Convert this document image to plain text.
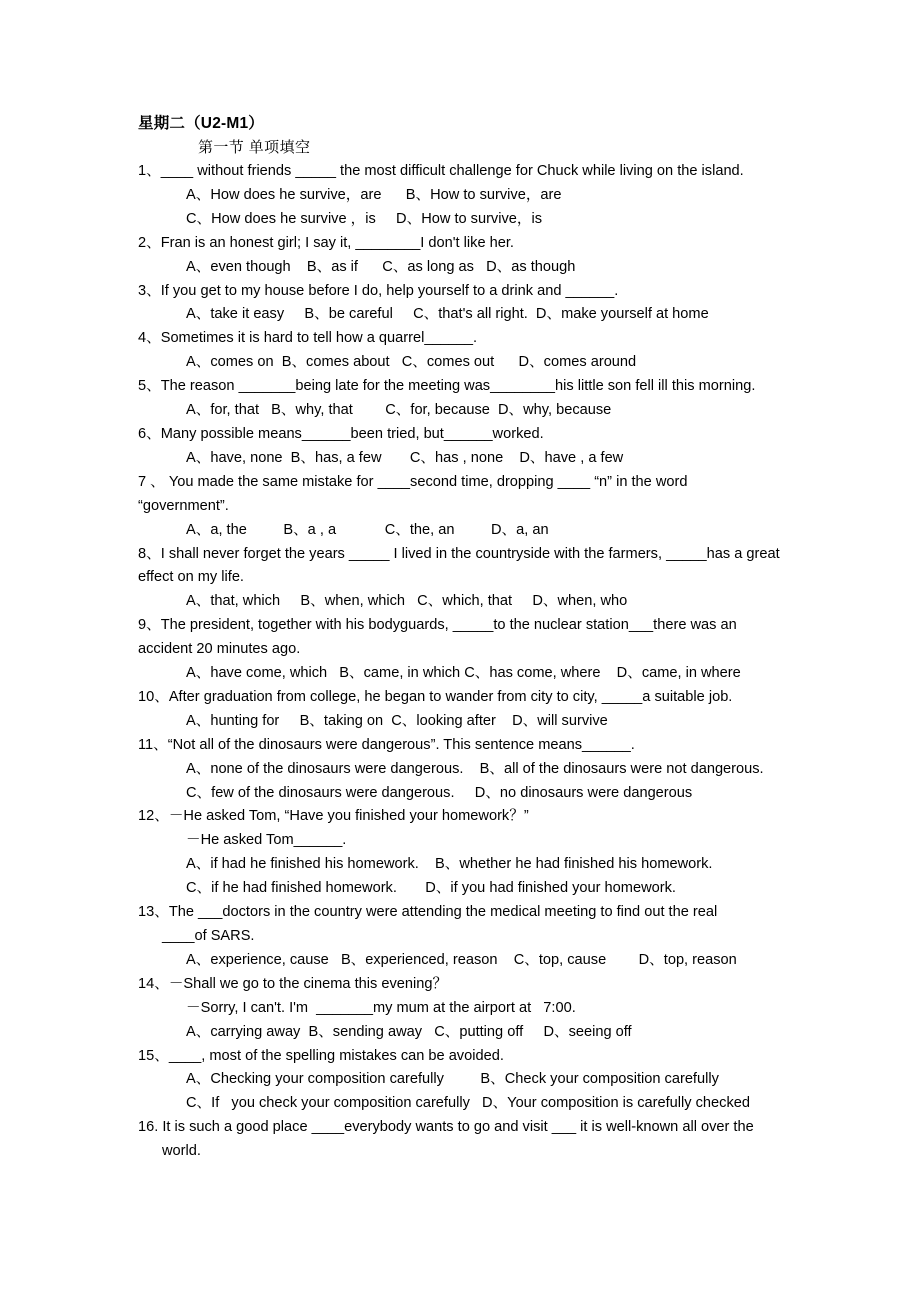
星期二（U2-M1）
第一节 单项填空
1、____ without friends _____ the most difficult challenge for Chuck while living on the island.
A、How does he survive，are      B、How to survive，are
C、How does he survive ，is     D、How to survive，is
2、Fran is an honest girl; I say it, ________I don't like her.
A、even though    B、as if      C、as long as   D、as though
3、If you get to my house before I do, help yourself to a drink and ______.
A、take it easy     B、be careful     C、that's all right.  D、make yourself at home
4、Sometimes it is hard to tell how a quarrel______.
A、comes on  B、comes about   C、comes out      D、comes around
5、The reason _______being late for the meeting was________his little son fell ill this morning.
A、for, that   B、why, that        C、for, because  D、why, because
6、Many possible means______been tried, but______worked.
A、have, none  B、has, a few       C、has , none    D、have , a few
7 、 You made the same mistake for ____second time, dropping ____ “n” in the word
“government”.
A、a, the         B、a , a            C、the, an         D、a, an
8、I shall never forget the years _____ I lived in the countryside with the farmers, _____has a great
effect on my life.
A、that, which     B、when, which   C、which, that     D、when, who
9、The president, together with his bodyguards, _____to the nuclear station___there was an
accident 20 minutes ago.
A、have come, which   B、came, in which C、has come, where    D、came, in where
10、After graduation from college, he began to wander from city to city, _____a suitable job.
A、hunting for     B、taking on  C、looking after    D、will survive
11、“Not all of the dinosaurs were dangerous”. This sentence means______.
A、none of the dinosaurs were dangerous.    B、all of the dinosaurs were not dangerous.
C、few of the dinosaurs were dangerous.     D、no dinosaurs were dangerous
12、－He asked Tom, “Have you finished your homework？”
－He asked Tom______.
A、if had he finished his homework.    B、whether he had finished his homework.
C、if he had finished homework.       D、if you had finished your homework.
13、The ___doctors in the country were attending the medical meeting to find out the real
____of SARS.
A、experience, cause   B、experienced, reason    C、top, cause        D、top, reason
14、－Shall we go to the cinema this evening？
－Sorry, I can't. I'm  _______my mum at the airport at   7:00.
A、carrying away  B、sending away   C、putting off     D、seeing off
15、____, most of the spelling mistakes can be avoided.
A、Checking your composition carefully         B、Check your composition carefully
C、If   you check your composition carefully   D、Your composition is carefully checked
16. It is such a good place ____everybody wants to go and visit ___ it is well-known all over the
world.
